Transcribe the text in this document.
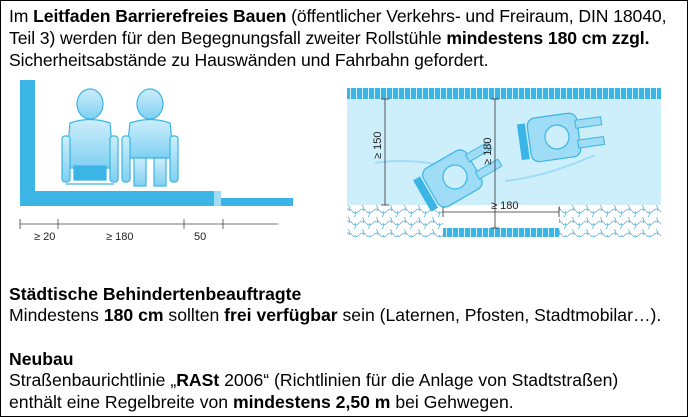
Im Leitfaden Barrierefreies Bauen (öffentlicher Verkehrs- und Freiraum, DIN 18040, Teil 3) werden für den Begegnungsfall zweiter Rollstühle mindestens 180 cm zzgl. Sicherheitsabstände zu Hauswänden und Fahrbahn gefordert.
≥ 20	≥ 180	50
≥ 150	≥ 180
≥ 180
Städtische Behindertenbeauftragte
Mindestens 180 cm sollten frei verfügbar sein (Laternen, Pfosten, Stadtmobilar…).
Neubau
Straßenbaurichtlinie „RASt 2006“ (Richtlinien für die Anlage von Stadtstraßen) enthält eine Regelbreite von mindestens 2,50 m bei Gehwegen.
